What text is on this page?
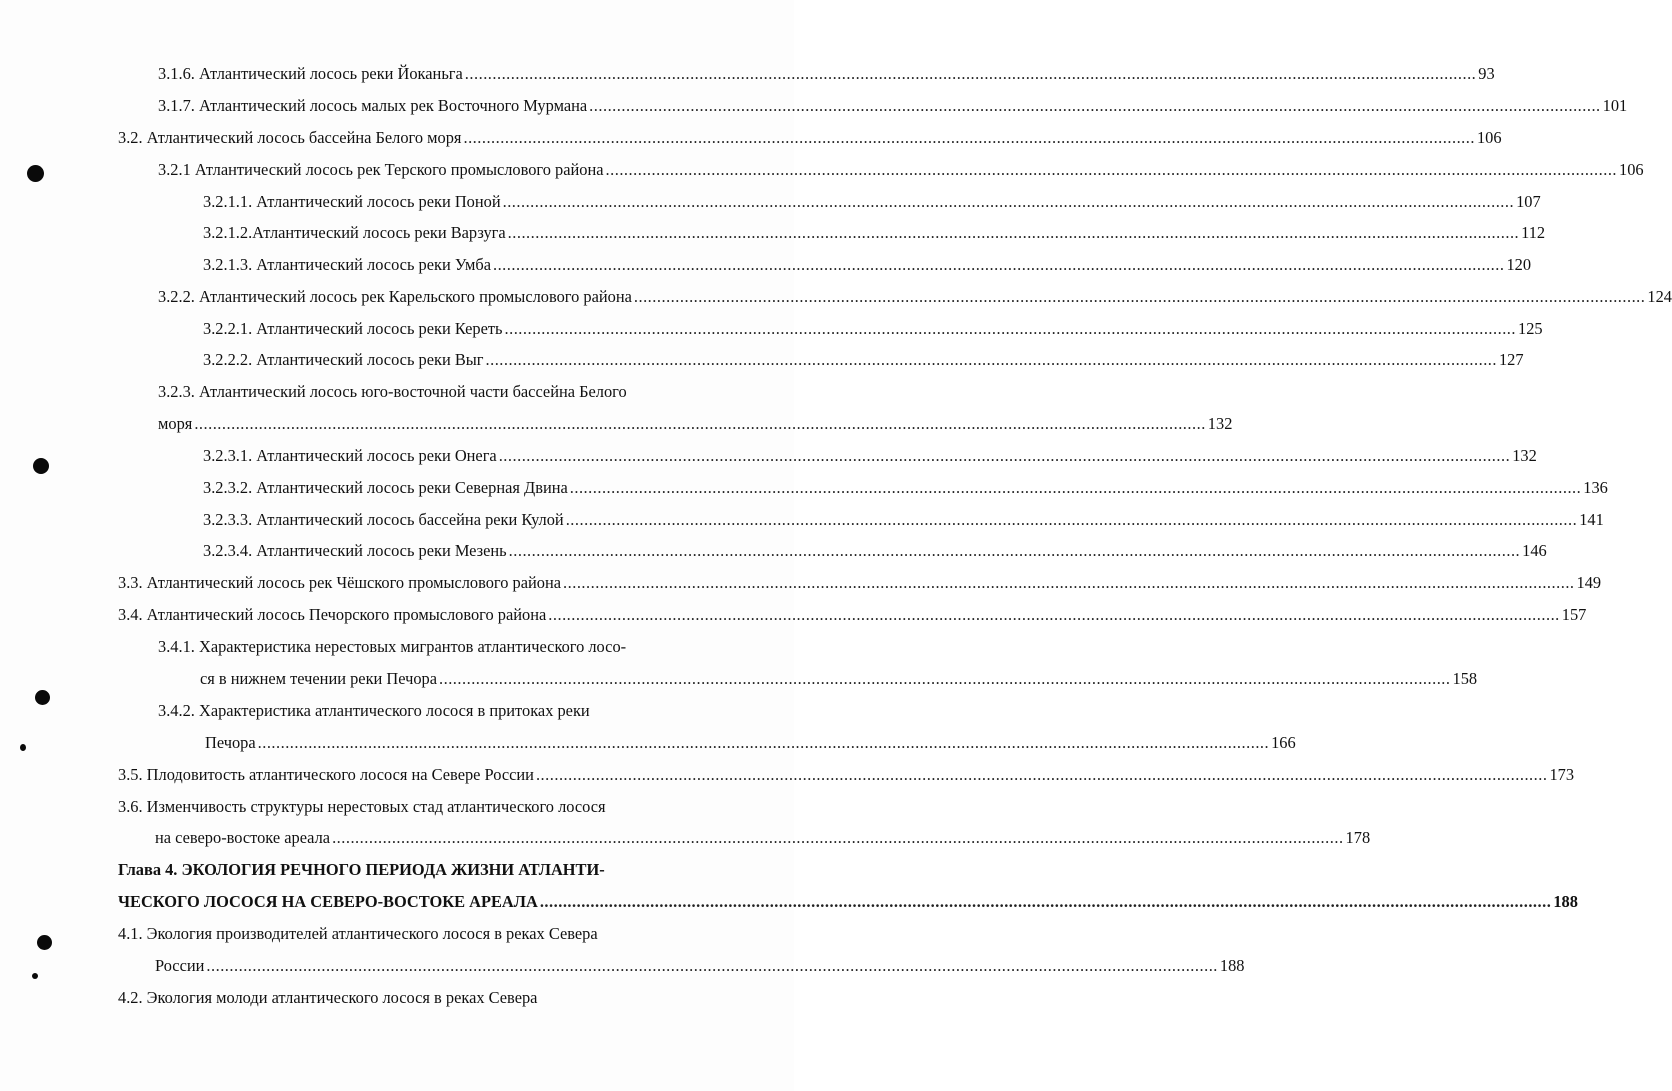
3.1.6. Атлантический лосось реки Йоканьга ............................................................................................................................................................................................................................ 93
3.1.7. Атлантический лосось малых рек Восточного Мурмана ............................................................................................................................................................................................................................ 101
3.2. Атлантический лосось бассейна Белого моря ............................................................................................................................................................................................................................ 106
3.2.1 Атлантический лосось рек Терского промыслового района ............................................................................................................................................................................................................................ 106
3.2.1.1. Атлантический лосось реки Поной ............................................................................................................................................................................................................................ 107
3.2.1.2.Атлантический лосось реки Варзуга ............................................................................................................................................................................................................................ 112
3.2.1.3. Атлантический лосось реки Умба ............................................................................................................................................................................................................................ 120
3.2.2. Атлантический лосось рек Карельского промыслового района ............................................................................................................................................................................................................................ 124
3.2.2.1. Атлантический лосось реки Кереть ............................................................................................................................................................................................................................ 125
3.2.2.2. Атлантический лосось реки Выг ............................................................................................................................................................................................................................ 127
3.2.3. Атлантический лосось юго-восточной части бассейна Белого
моря ............................................................................................................................................................................................................................ 132
3.2.3.1. Атлантический лосось реки Онега ............................................................................................................................................................................................................................ 132
3.2.3.2. Атлантический лосось реки Северная Двина ............................................................................................................................................................................................................................ 136
3.2.3.3. Атлантический лосось бассейна реки Кулой ............................................................................................................................................................................................................................ 141
3.2.3.4. Атлантический лосось реки Мезень ............................................................................................................................................................................................................................ 146
3.3. Атлантический лосось рек Чёшского промыслового района ............................................................................................................................................................................................................................ 149
3.4. Атлантический лосось Печорского промыслового района ............................................................................................................................................................................................................................ 157
3.4.1. Характеристика нерестовых мигрантов атлантического лосо-
ся в нижнем течении реки Печора ............................................................................................................................................................................................................................ 158
3.4.2. Характеристика атлантического лосося в притоках реки
Печора ............................................................................................................................................................................................................................ 166
3.5. Плодовитость атлантического лосося на Севере России ............................................................................................................................................................................................................................ 173
3.6. Изменчивость структуры нерестовых стад атлантического лосося
на северо-востоке ареала ............................................................................................................................................................................................................................ 178
Глава 4. ЭКОЛОГИЯ РЕЧНОГО ПЕРИОДА ЖИЗНИ АТЛАНТИ-
ЧЕСКОГО ЛОСОСЯ НА СЕВЕРО-ВОСТОКЕ АРЕАЛА ............................................................................................................................................................................................................................ 188
4.1. Экология производителей атлантического лосося в реках Севера
России ............................................................................................................................................................................................................................ 188
4.2. Экология молоди атлантического лосося в реках Севера
